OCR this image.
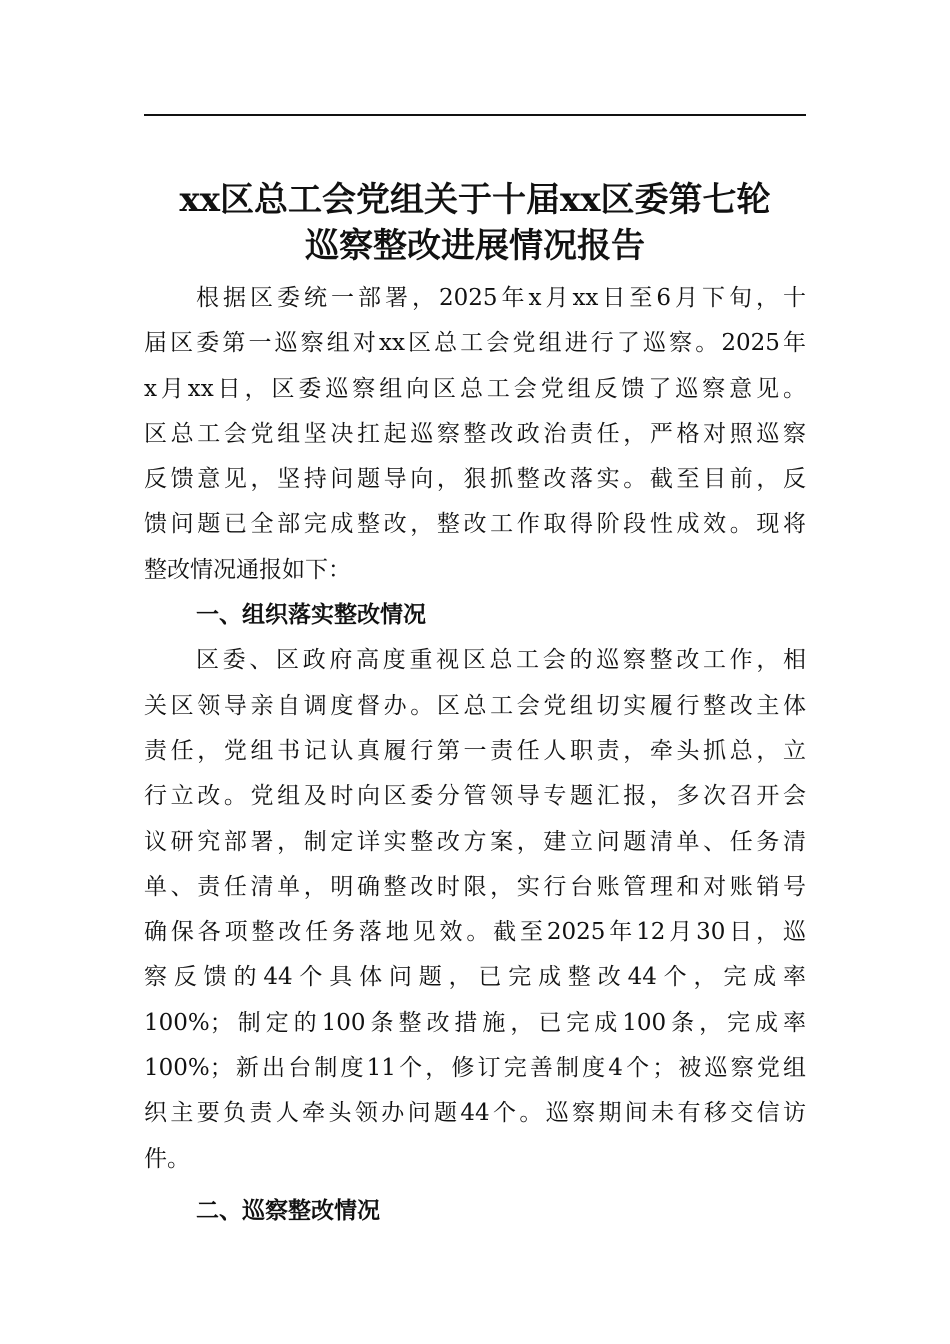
xx区总工会党组关于十届xx区委第七轮
巡察整改进展情况报告

根据区委统一部署，2025年x月xx日至6月下旬，十
届区委第一巡察组对xx区总工会党组进行了巡察。2025年
x月xx日，区委巡察组向区总工会党组反馈了巡察意见。
区总工会党组坚决扛起巡察整改政治责任，严格对照巡察
反馈意见，坚持问题导向，狠抓整改落实。截至目前，反
馈问题已全部完成整改，整改工作取得阶段性成效。现将
整改情况通报如下：

一、组织落实整改情况

区委、区政府高度重视区总工会的巡察整改工作，相
关区领导亲自调度督办。区总工会党组切实履行整改主体
责任，党组书记认真履行第一责任人职责，牵头抓总，立
行立改。党组及时向区委分管领导专题汇报，多次召开会
议研究部署，制定详实整改方案，建立问题清单、任务清
单、责任清单，明确整改时限，实行台账管理和对账销号
确保各项整改任务落地见效。截至2025年12月30日，巡
察反馈的44个具体问题，已完成整改44个，完成率
100%；制定的100条整改措施，已完成100条，完成率
100%；新出台制度11个，修订完善制度4个；被巡察党组
织主要负责人牵头领办问题44个。巡察期间未有移交信访
件。

二、巡察整改情况
